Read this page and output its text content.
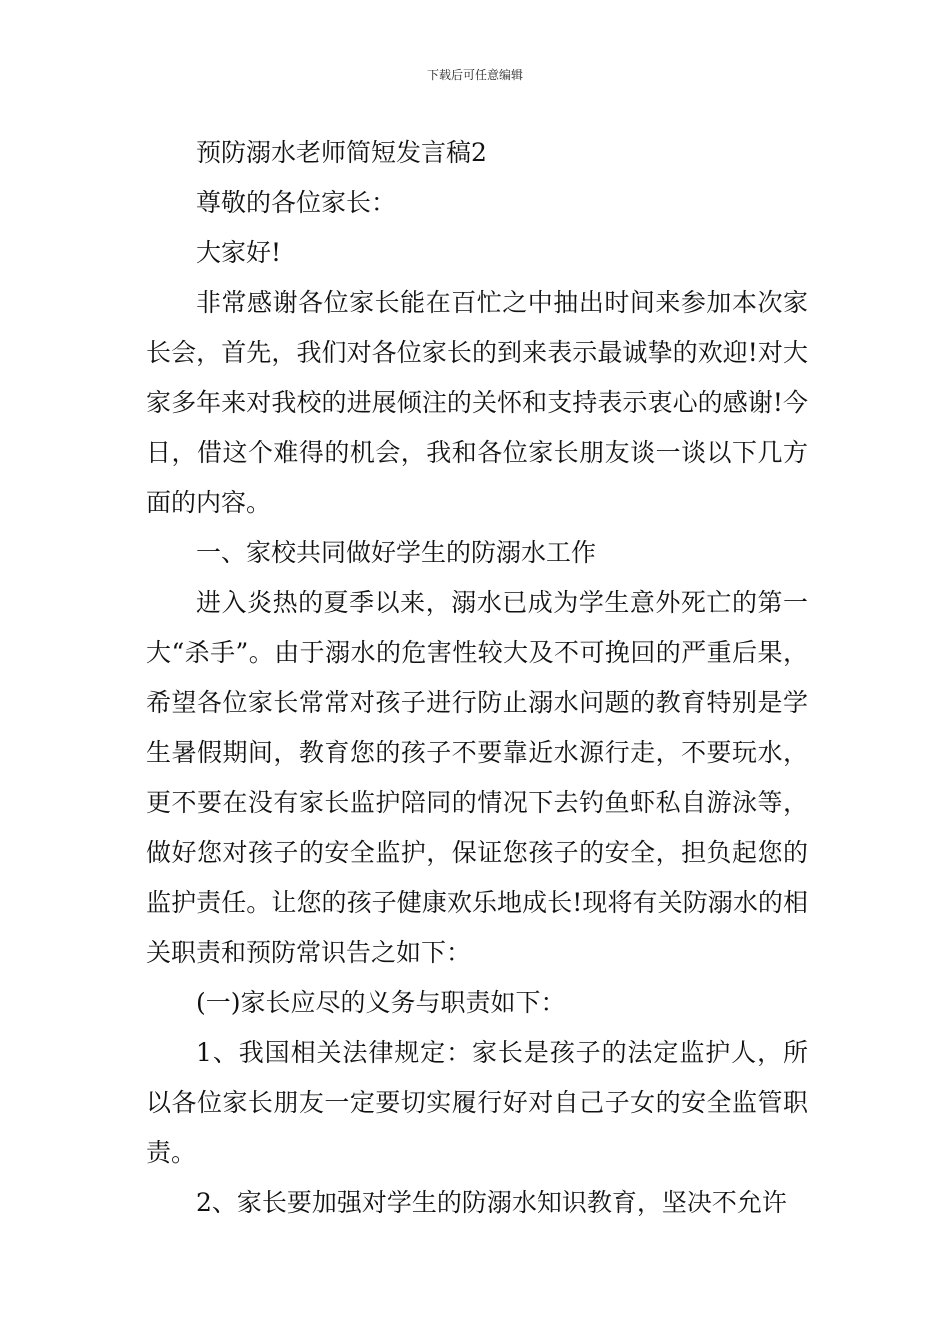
下载后可任意编辑

预防溺水老师简短发言稿2

尊敬的各位家长：

大家好!

非常感谢各位家长能在百忙之中抽出时间来参加本次家长会，首先，我们对各位家长的到来表示最诚挚的欢迎!对大家多年来对我校的进展倾注的关怀和支持表示衷心的感谢!今日，借这个难得的机会，我和各位家长朋友谈一谈以下几方面的内容。

一、家校共同做好学生的防溺水工作

进入炎热的夏季以来，溺水已成为学生意外死亡的第一大“杀手”。由于溺水的危害性较大及不可挽回的严重后果，希望各位家长常常对孩子进行防止溺水问题的教育特别是学生暑假期间，教育您的孩子不要靠近水源行走，不要玩水，更不要在没有家长监护陪同的情况下去钓鱼虾私自游泳等，做好您对孩子的安全监护，保证您孩子的安全，担负起您的监护责任。让您的孩子健康欢乐地成长!现将有关防溺水的相关职责和预防常识告之如下：

(一)家长应尽的义务与职责如下：

1、我国相关法律规定：家长是孩子的法定监护人，所以各位家长朋友一定要切实履行好对自己子女的安全监管职责。

2、家长要加强对学生的防溺水知识教育，坚决不允许
